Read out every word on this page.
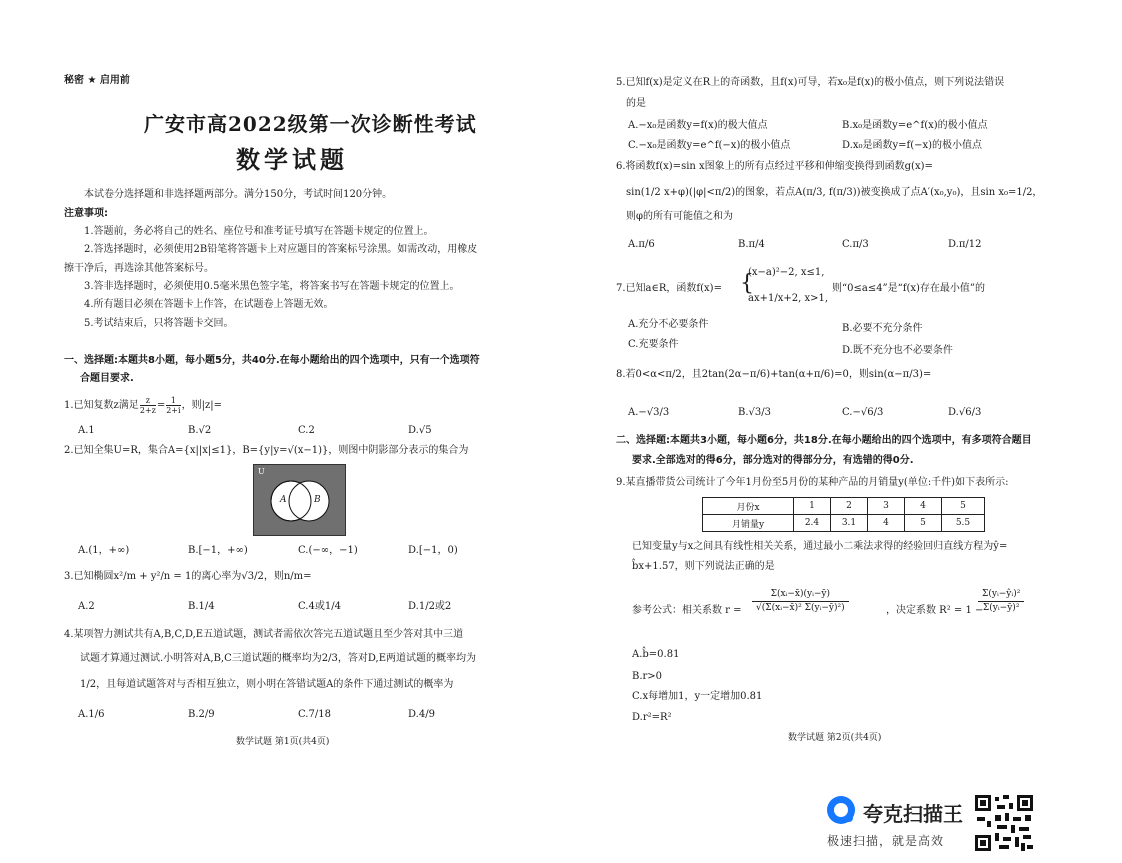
秘密 ★ 启用前
广安市高2022级第一次诊断性考试
数学试题
本试卷分选择题和非选择题两部分。满分150分，考试时间120分钟。
注意事项:
1.答题前，务必将自己的姓名、座位号和准考证号填写在答题卡规定的位置上。
2.答选择题时，必须使用2B铅笔将答题卡上对应题目的答案标号涂黑。如需改动，用橡皮
擦干净后，再选涂其他答案标号。
3.答非选择题时，必须使用0.5毫米黑色签字笔，将答案书写在答题卡规定的位置上。
4.所有题目必须在答题卡上作答，在试题卷上答题无效。
5.考试结束后，只将答题卡交回。
一、选择题:本题共8小题，每小题5分，共40分.在每小题给出的四个选项中，只有一个选项符
合题目要求.
1.已知复数z满足 $\frac{z}{2+z} = \frac{1}{2+i}$ ，则|z|=
A.1	B.√2	C.2	D.√5
2.已知全集U=R，集合A={x||x|≤1}，B={y|y=√(x−1)}，则图中阴影部分表示的集合为
U
A	B
A.(1，+∞)	B.[−1，+∞)	C.(−∞，−1)	D.[−1，0)
3.已知椭圆x²/m + y²/n = 1的离心率为√3/2，则n/m=
A.2	B.1/4	C.4或1/4	D.1/2或2
4.某项智力测试共有A,B,C,D,E五道试题，测试者需依次答完五道试题且至少答对其中三道
试题才算通过测试.小明答对A,B,C三道试题的概率均为2/3，答对D,E两道试题的概率均为
1/2，且每道试题答对与否相互独立，则小明在答错试题A的条件下通过测试的概率为
A.1/6	B.2/9	C.7/18	D.4/9
数学试题 第1页(共4页)
5.已知f(x)是定义在R上的奇函数，且f(x)可导，若x₀是f(x)的极小值点，则下列说法错误
的是
A.−x₀是函数y=f(x)的极大值点	B.x₀是函数y=e^f(x)的极小值点
C.−x₀是函数y=e^f(−x)的极小值点	D.x₀是函数y=f(−x)的极小值点
6.将函数f(x)=sin x图象上的所有点经过平移和伸缩变换得到函数g(x)=
sin(1/2 x+φ)(|φ|<π/2)的图象，若点A(π/3, f(π/3))被变换成了点A′(x₀,y₀)，且sin x₀=1/2，
则φ的所有可能值之和为
A.π/6	B.π/4	C.π/3	D.π/12
7.已知a∈R，函数f(x)= {
(x−a)²−2, x≤1,
ax+1/x+2, x>1,
则“0≤a≤4”是“f(x)存在最小值”的
A.充分不必要条件	B.必要不充分条件
C.充要条件
D.既不充分也不必要条件
8.若0<α<π/2，且2tan(2α−π/6)+tan(α+π/6)=0，则sin(α−π/3)=
A.−√3/3	B.√3/3	C.−√6/3	D.√6/3
二、选择题:本题共3小题，每小题6分，共18分.在每小题给出的四个选项中，有多项符合题目
要求.全部选对的得6分，部分选对的得部分分，有选错的得0分.
9.某直播带货公司统计了今年1月份至5月份的某种产品的月销量y(单位:千件)如下表所示:
月份x	1	2	3	4	5
月销量y	2.4	3.1	4	5	5.5
已知变量y与x之间具有线性相关关系，通过最小二乘法求得的经验回归直线方程为ŷ=
b̂x+1.57，则下列说法正确的是
参考公式：相关系数 r =
Σ(xᵢ−x̄)(yᵢ−ȳ)
√(Σ(xᵢ−x̄)² Σ(yᵢ−ȳ)²)	，决定系数 R² = 1 −
Σ(yᵢ−ŷᵢ)²
Σ(yᵢ−ȳ)²
A.b̂=0.81
B.r>0
C.x每增加1，y一定增加0.81
D.r²=R²
数学试题 第2页(共4页)
夸克扫描王
极速扫描，就是高效
